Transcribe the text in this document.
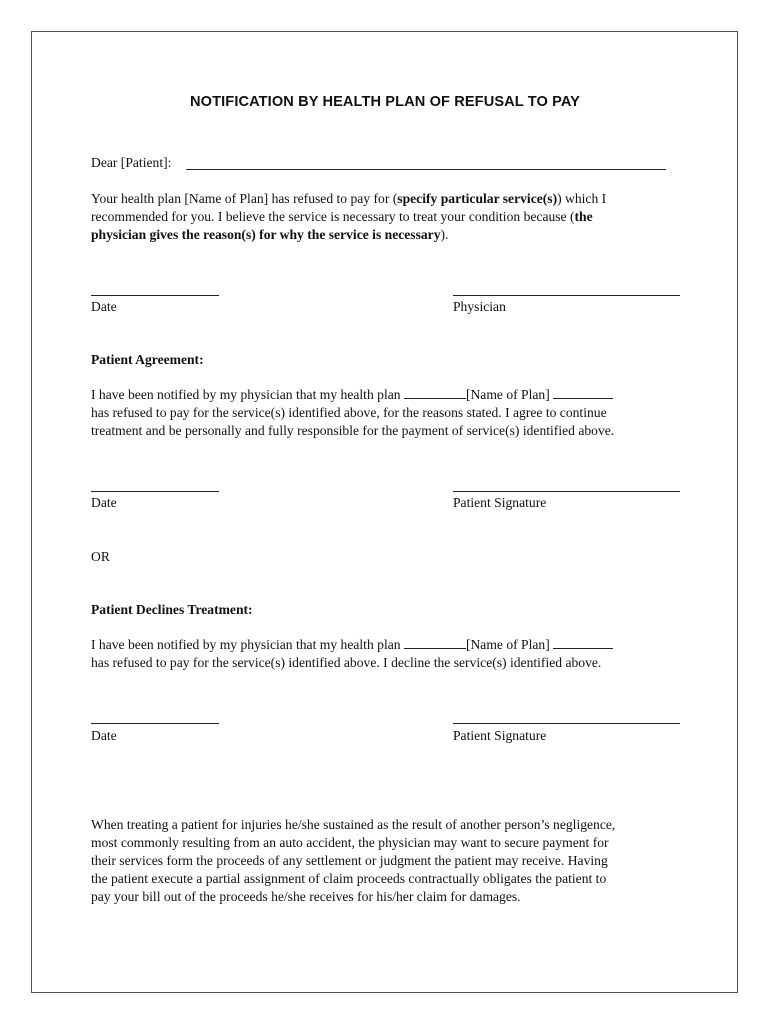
NOTIFICATION BY HEALTH PLAN OF REFUSAL TO PAY
Dear [Patient]:
Your health plan [Name of Plan] has refused to pay for (specify particular service(s)) which I
recommended for you. I believe the service is necessary to treat your condition because (the
physician gives the reason(s) for why the service is necessary).
Date	Physician
Patient Agreement:
I have been notified by my physician that my health plan	[Name of Plan]
has refused to pay for the service(s) identified above, for the reasons stated. I agree to continue
treatment and be personally and fully responsible for the payment of service(s) identified above.
Date	Patient Signature
OR
Patient Declines Treatment:
I have been notified by my physician that my health plan	[Name of Plan]
has refused to pay for the service(s) identified above. I decline the service(s) identified above.
Date	Patient Signature
When treating a patient for injuries he/she sustained as the result of another person’s negligence,
most commonly resulting from an auto accident, the physician may want to secure payment for
their services form the proceeds of any settlement or judgment the patient may receive. Having
the patient execute a partial assignment of claim proceeds contractually obligates the patient to
pay your bill out of the proceeds he/she receives for his/her claim for damages.
